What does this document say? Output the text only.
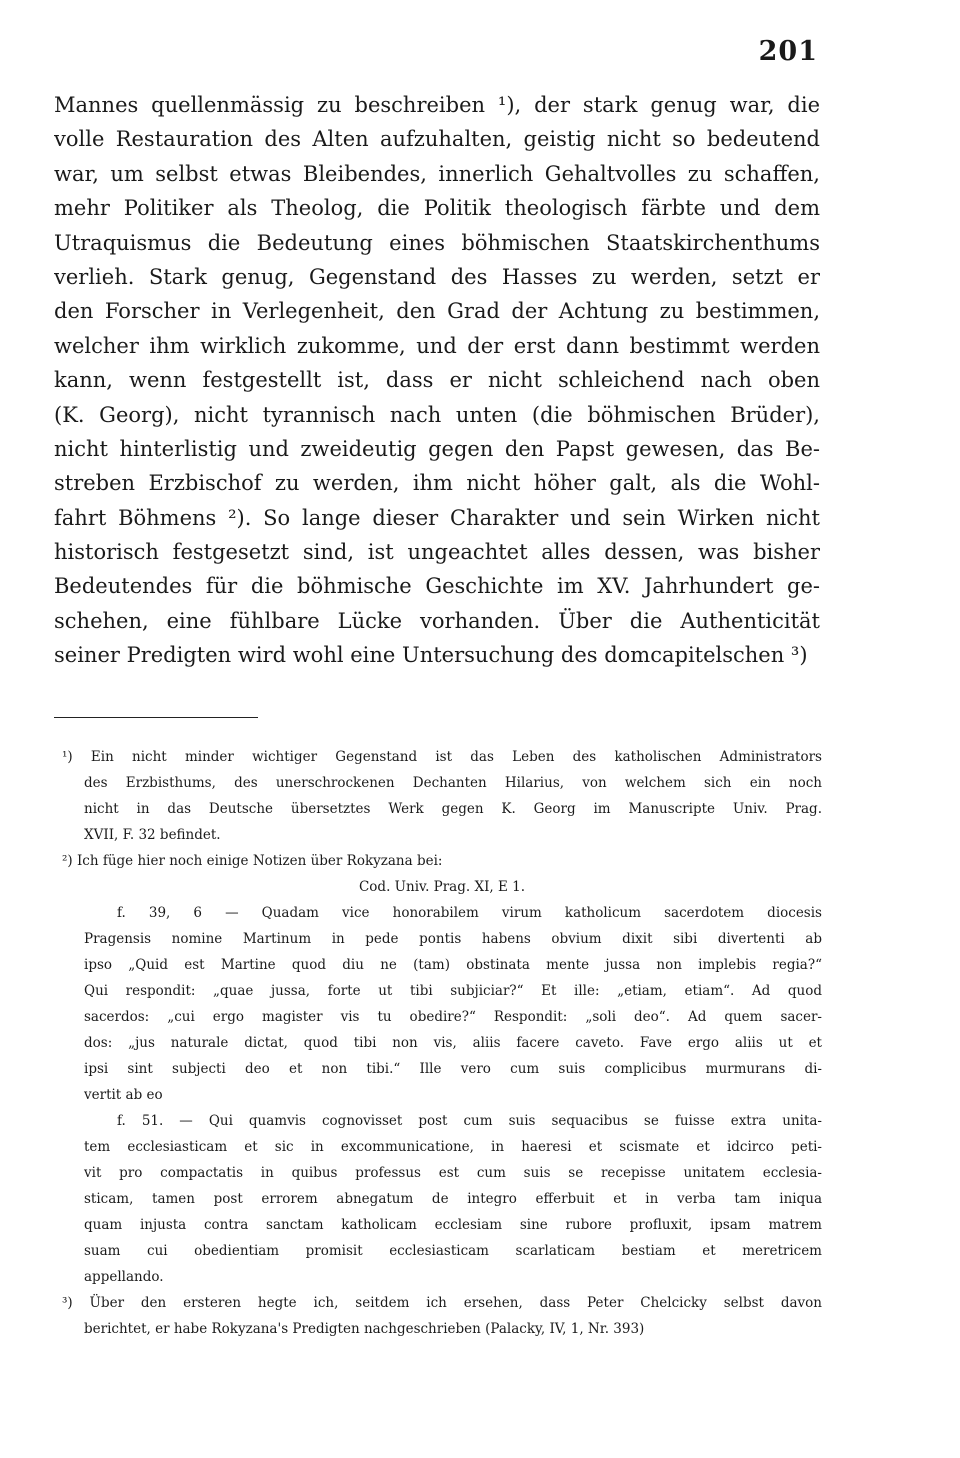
201
Mannes quellenmässig zu beschreiben ¹), der stark genug war, die
volle Restauration des Alten aufzuhalten, geistig nicht so bedeutend
war, um selbst etwas Bleibendes, innerlich Gehaltvolles zu schaffen,
mehr Politiker als Theolog, die Politik theologisch färbte und dem
Utraquismus die Bedeutung eines böhmischen Staatskirchenthums
verlieh. Stark genug, Gegenstand des Hasses zu werden, setzt er
den Forscher in Verlegenheit, den Grad der Achtung zu bestimmen,
welcher ihm wirklich zukomme, und der erst dann bestimmt werden
kann, wenn festgestellt ist, dass er nicht schleichend nach oben
(K. Georg), nicht tyrannisch nach unten (die böhmischen Brüder),
nicht hinterlistig und zweideutig gegen den Papst gewesen, das Be-
streben Erzbischof zu werden, ihm nicht höher galt, als die Wohl-
fahrt Böhmens ²). So lange dieser Charakter und sein Wirken nicht
historisch festgesetzt sind, ist ungeachtet alles dessen, was bisher
Bedeutendes für die böhmische Geschichte im XV. Jahrhundert ge-
schehen, eine fühlbare Lücke vorhanden. Über die Authenticität
seiner Predigten wird wohl eine Untersuchung des domcapitelschen ³)
¹) Ein nicht minder wichtiger Gegenstand ist das Leben des katholischen Administrators
des Erzbisthums, des unerschrockenen Dechanten Hilarius, von welchem sich ein noch
nicht in das Deutsche übersetztes Werk gegen K. Georg im Manuscripte Univ. Prag.
XVII, F. 32 befindet.
²) Ich füge hier noch einige Notizen über Rokyzana bei:
Cod. Univ. Prag. XI, E 1.
f. 39, 6 — Quadam vice honorabilem virum katholicum sacerdotem diocesis
Pragensis nomine Martinum in pede pontis habens obvium dixit sibi divertenti ab
ipso „Quid est Martine quod diu ne (tam) obstinata mente jussa non implebis regia?“
Qui respondit: „quae jussa, forte ut tibi subjiciar?“ Et ille: „etiam, etiam“. Ad quod
sacerdos: „cui ergo magister vis tu obedire?“ Respondit: „soli deo“. Ad quem sacer-
dos: „jus naturale dictat, quod tibi non vis, aliis facere caveto. Fave ergo aliis ut et
ipsi sint subjecti deo et non tibi.“ Ille vero cum suis complicibus murmurans di-
vertit ab eo
f. 51. — Qui quamvis cognovisset post cum suis sequacibus se fuisse extra unita-
tem ecclesiasticam et sic in excommunicatione, in haeresi et scismate et idcirco peti-
vit pro compactatis in quibus professus est cum suis se recepisse unitatem ecclesia-
sticam, tamen post errorem abnegatum de integro efferbuit et in verba tam iniqua
quam injusta contra sanctam katholicam ecclesiam sine rubore profluxit, ipsam matrem
suam cui obedientiam promisit ecclesiasticam scarlaticam bestiam et meretricem
appellando.
³) Über den ersteren hegte ich, seitdem ich ersehen, dass Peter Chelcicky selbst davon
berichtet, er habe Rokyzana's Predigten nachgeschrieben (Palacky, IV, 1, Nr. 393)
